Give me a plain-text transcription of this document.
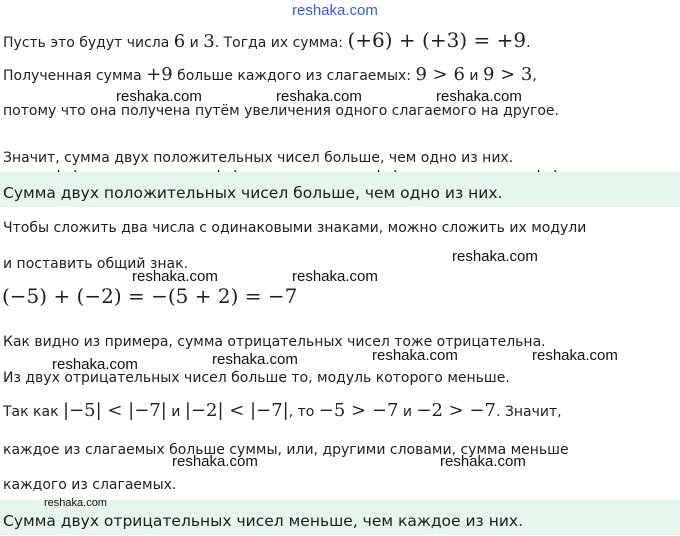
reshaka.com
Пусть это будут числа 6 и 3. Тогда их сумма: (+6) + (+3) = +9.
Полученная сумма +9 больше каждого из слагаемых: 9 > 6 и 9 > 3,
reshaka.com	reshaka.com	reshaka.com
потому что она получена путём увеличения одного слагаемого на другое.
Значит, сумма двух положительных чисел больше, чем одно из них.
Сумма двух положительных чисел больше, чем одно из них.
Чтобы сложить два числа с одинаковыми знаками, можно сложить их модули
reshaka.com
и поставить общий знак.
reshaka.com	reshaka.com
(−5) + (−2) = −(5 + 2) = −7
Как видно из примера, сумма отрицательных чисел тоже отрицательна.
reshaka.com	reshaka.com	reshaka.com	reshaka.com
Из двух отрицательных чисел больше то, модуль которого меньше.
Так как |−5| < |−7| и |−2| < |−7|, то −5 > −7 и −2 > −7. Значит,
каждое из слагаемых больше суммы, или, другими словами, сумма меньше
reshaka.com	reshaka.com
каждого из слагаемых.
reshaka.com
Сумма двух отрицательных чисел меньше, чем каждое из них.
